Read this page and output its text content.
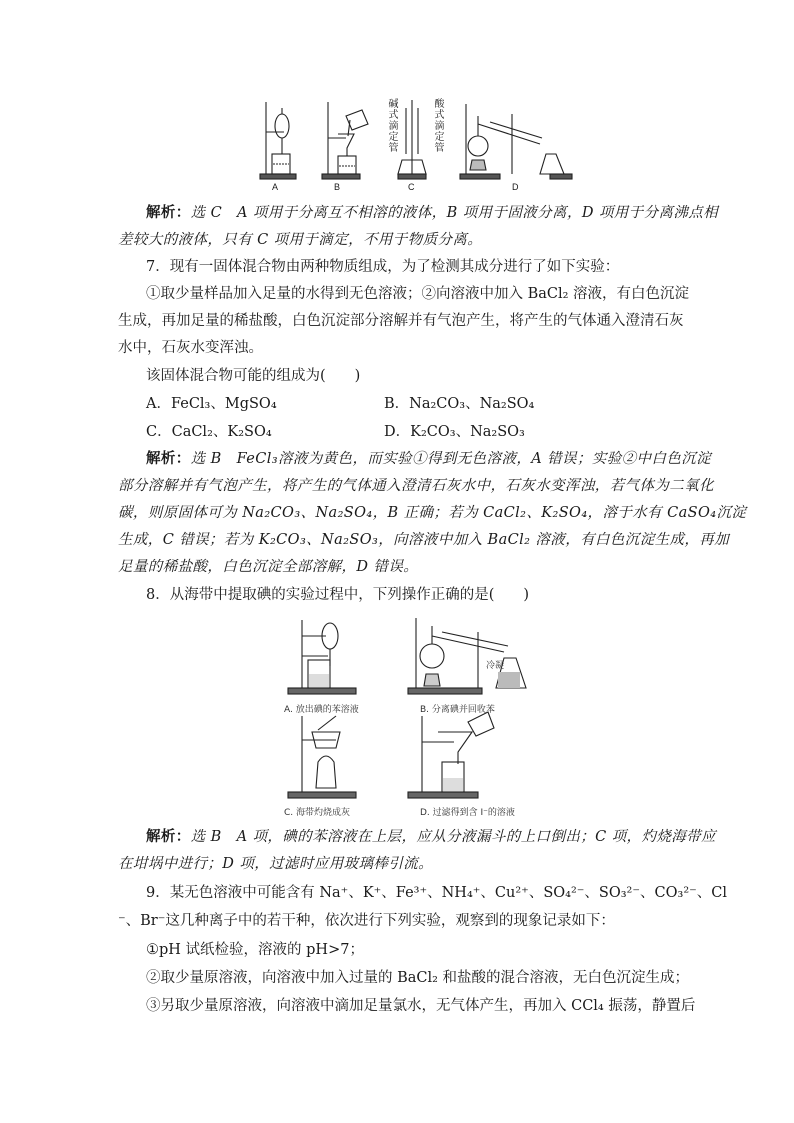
A	B	C	D
碱式滴定管	酸式滴定管
解析：选 C　A 项用于分离互不相溶的液体，B 项用于固液分离，D 项用于分离沸点相
差较大的液体，只有 C 项用于滴定，不用于物质分离。
7．现有一固体混合物由两种物质组成，为了检测其成分进行了如下实验：
①取少量样品加入足量的水得到无色溶液；②向溶液中加入 BaCl₂ 溶液，有白色沉淀
生成，再加足量的稀盐酸，白色沉淀部分溶解并有气泡产生，将产生的气体通入澄清石灰
水中，石灰水变浑浊。
该固体混合物可能的组成为(　　)
A．FeCl₃、MgSO₄	B．Na₂CO₃、Na₂SO₄
C．CaCl₂、K₂SO₄	D．K₂CO₃、Na₂SO₃
解析：选 B　FeCl₃溶液为黄色，而实验①得到无色溶液，A 错误；实验②中白色沉淀
部分溶解并有气泡产生，将产生的气体通入澄清石灰水中，石灰水变浑浊，若气体为二氧化
碳，则原固体可为 Na₂CO₃、Na₂SO₄，B 正确；若为 CaCl₂、K₂SO₄，溶于水有 CaSO₄沉淀
生成，C 错误；若为 K₂CO₃、Na₂SO₃，向溶液中加入 BaCl₂ 溶液，有白色沉淀生成，再加
足量的稀盐酸，白色沉淀全部溶解，D 错误。
8．从海带中提取碘的实验过程中，下列操作正确的是(　　)
冷凝
A. 放出碘的苯溶液	B. 分离碘并回收苯
C. 海带灼烧成灰	D. 过滤得到含 I⁻的溶液
解析：选 B　A 项，碘的苯溶液在上层，应从分液漏斗的上口倒出；C 项，灼烧海带应
在坩埚中进行；D 项，过滤时应用玻璃棒引流。
9．某无色溶液中可能含有 Na⁺、K⁺、Fe³⁺、NH₄⁺、Cu²⁺、SO₄²⁻、SO₃²⁻、CO₃²⁻、Cl
⁻、Br⁻这几种离子中的若干种，依次进行下列实验，观察到的现象记录如下：
①pH 试纸检验，溶液的 pH>7；
②取少量原溶液，向溶液中加入过量的 BaCl₂ 和盐酸的混合溶液，无白色沉淀生成；
③另取少量原溶液，向溶液中滴加足量氯水，无气体产生，再加入 CCl₄ 振荡，静置后
